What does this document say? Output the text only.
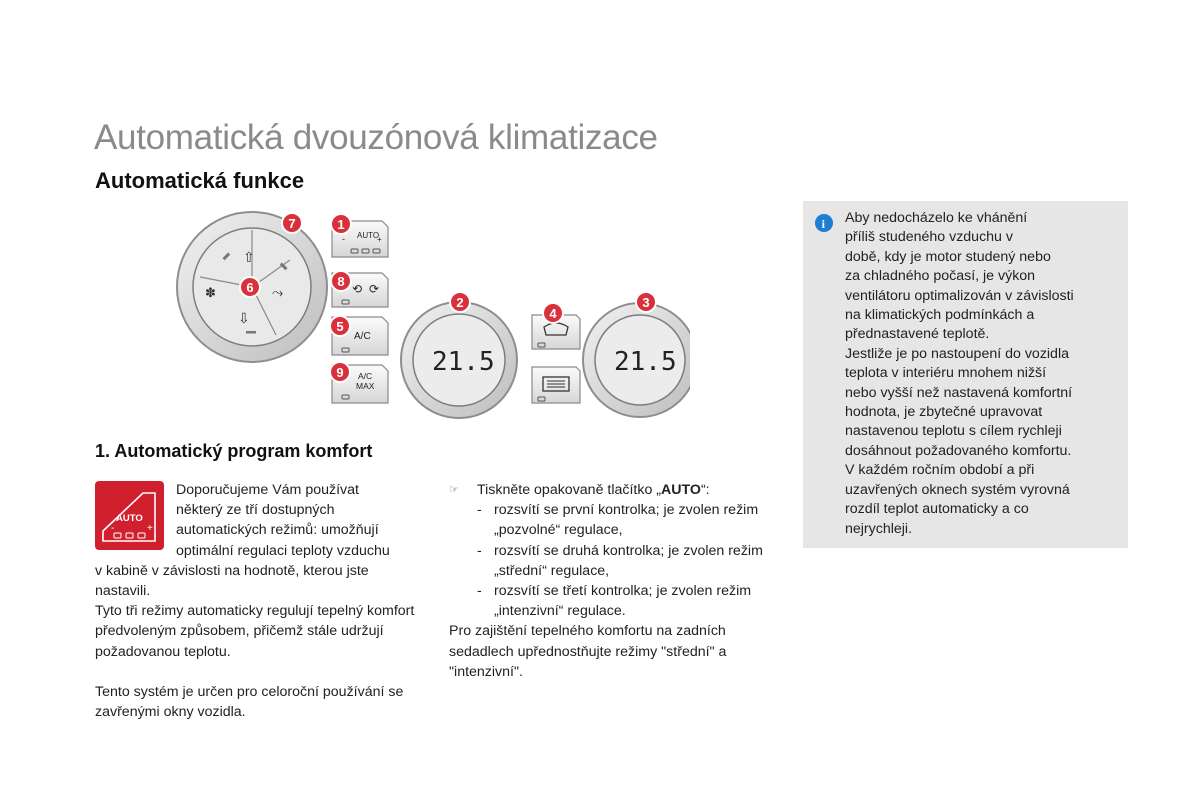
Automatická dvouzónová klimatizace
Automatická funkce
⇧
⇩
✽	⤳
AUTO
-	+
⟲ ⟳
A/C
A/C
MAX
21.5	21.5
7	1
6	8
5
9
2
4
3
1. Automatický program komfort
AUTO
-	+

Doporučujeme Vám používat

některý ze tří dostupných

automatických režimů: umožňují

optimální regulaci teploty vzduchu

v kabině v závislosti na hodnotě, kterou jste nastavili.

Tyto tři režimy automaticky regulují tepelný komfort předvoleným způsobem, přičemž stále udržují požadovanou teplotu.

Tento systém je určen pro celoroční používání se zavřenými okny vozidla.

☞ Tiskněte opakovaně tlačítko „AUTO“:
- rozsvítí se první kontrolka; je zvolen režim „pozvolné“ regulace,
- rozsvítí se druhá kontrolka; je zvolen režim „střední“ regulace,
- rozsvítí se třetí kontrolka; je zvolen režim „intenzivní“ regulace.

Pro zajištění tepelného komfortu na zadních sedadlech upřednostňujte režimy "střední" a "intenzivní".

i Aby nedocházelo ke vhánění
příliš studeného vzduchu v
době, kdy je motor studený nebo
za chladného počasí, je výkon
ventilátoru optimalizován v závislosti
na klimatických podmínkách a
přednastavené teplotě.
Jestliže je po nastoupení do vozidla
teplota v interiéru mnohem nižší
nebo vyšší než nastavená komfortní
hodnota, je zbytečné upravovat
nastavenou teplotu s cílem rychleji
dosáhnout požadovaného komfortu.
V každém ročním období a při
uzavřených oknech systém vyrovná
rozdíl teplot automaticky a co
nejrychleji.
